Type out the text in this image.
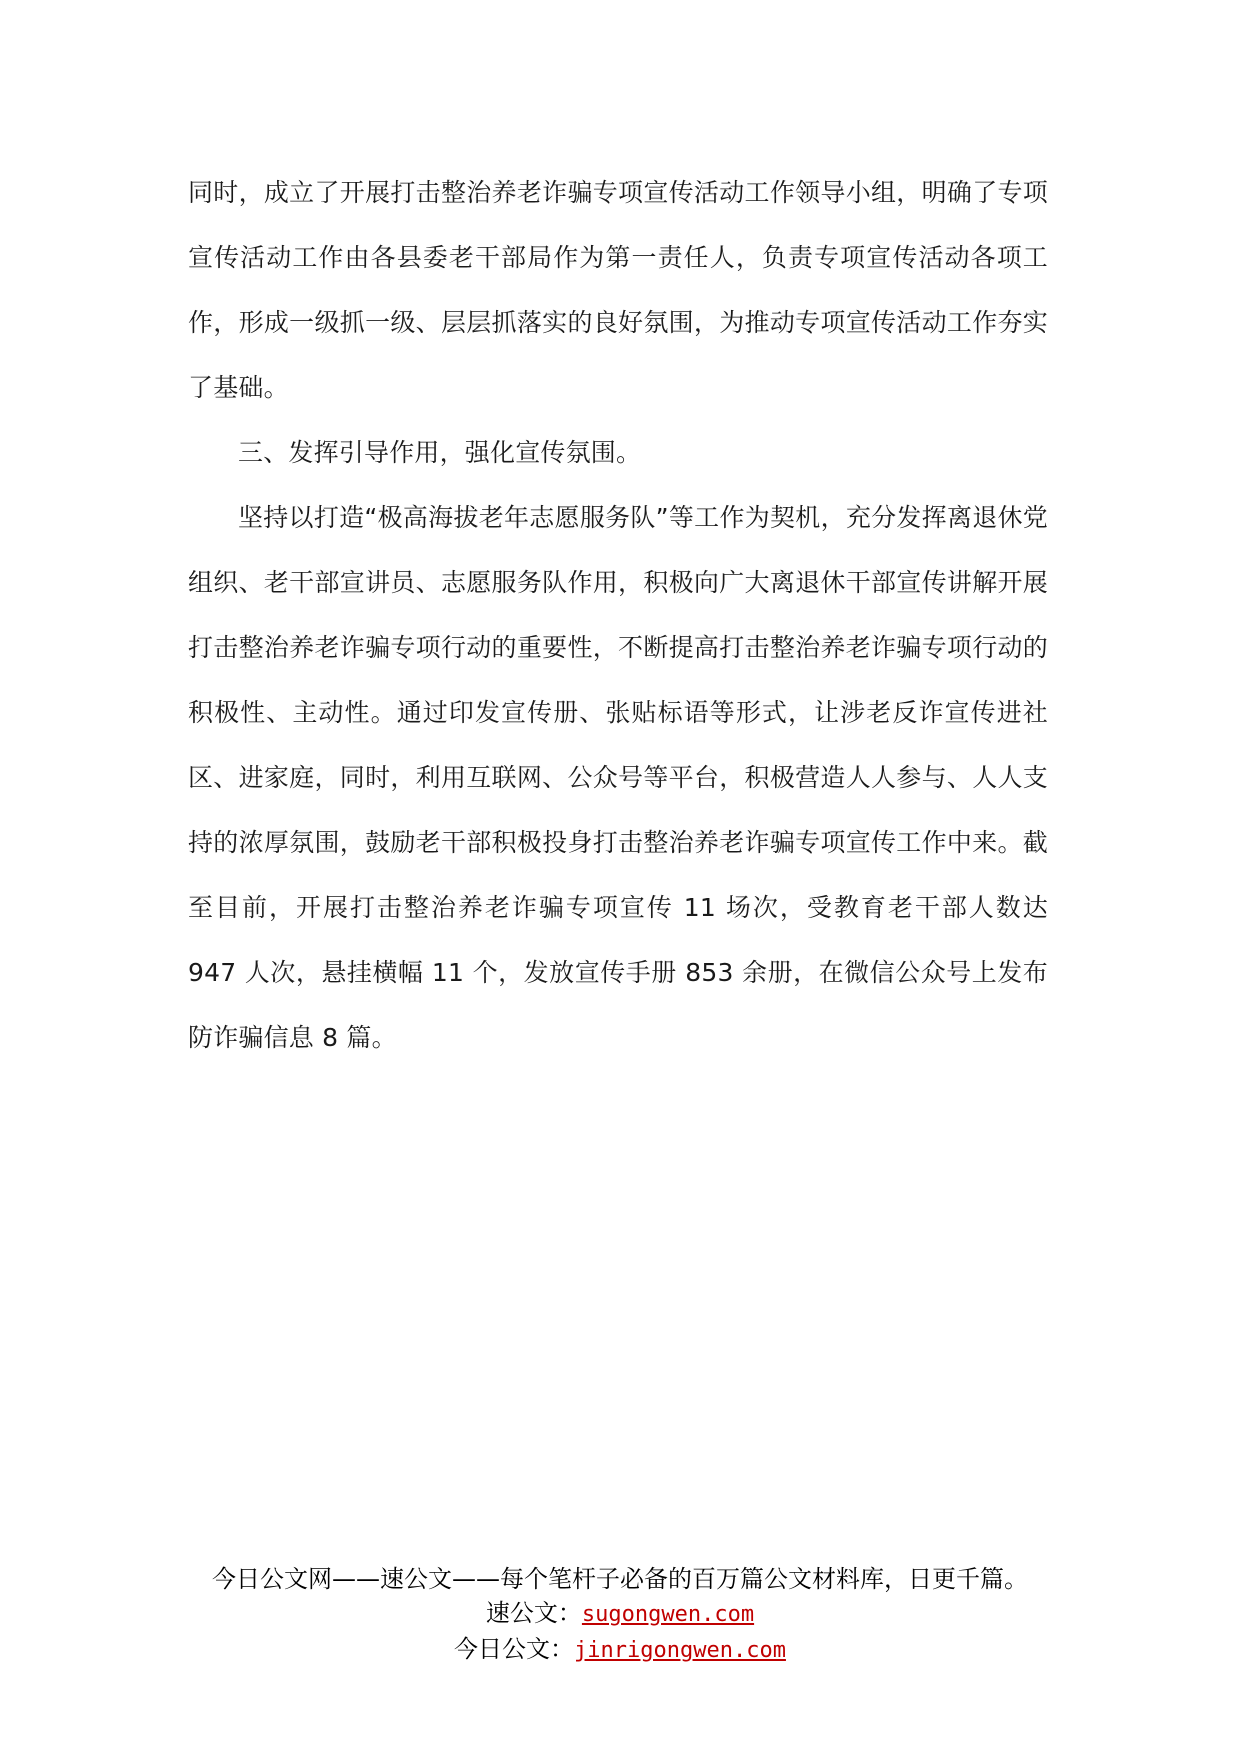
同时，成立了开展打击整治养老诈骗专项宣传活动工作领导小组，明确了专项宣传活动工作由各县委老干部局作为第一责任人，负责专项宣传活动各项工作，形成一级抓一级、层层抓落实的良好氛围，为推动专项宣传活动工作夯实了基础。

三、发挥引导作用，强化宣传氛围。

坚持以打造“极高海拔老年志愿服务队”等工作为契机，充分发挥离退休党组织、老干部宣讲员、志愿服务队作用，积极向广大离退休干部宣传讲解开展打击整治养老诈骗专项行动的重要性，不断提高打击整治养老诈骗专项行动的积极性、主动性。通过印发宣传册、张贴标语等形式，让涉老反诈宣传进社区、进家庭，同时，利用互联网、公众号等平台，积极营造人人参与、人人支持的浓厚氛围，鼓励老干部积极投身打击整治养老诈骗专项宣传工作中来。截至目前，开展打击整治养老诈骗专项宣传 11 场次，受教育老干部人数达 947 人次，悬挂横幅 11 个，发放宣传手册 853 余册，在微信公众号上发布防诈骗信息 8 篇。

今日公文网——速公文——每个笔杆子必备的百万篇公文材料库，日更千篇。
速公文：sugongwen.com
今日公文：jinrigongwen.com
